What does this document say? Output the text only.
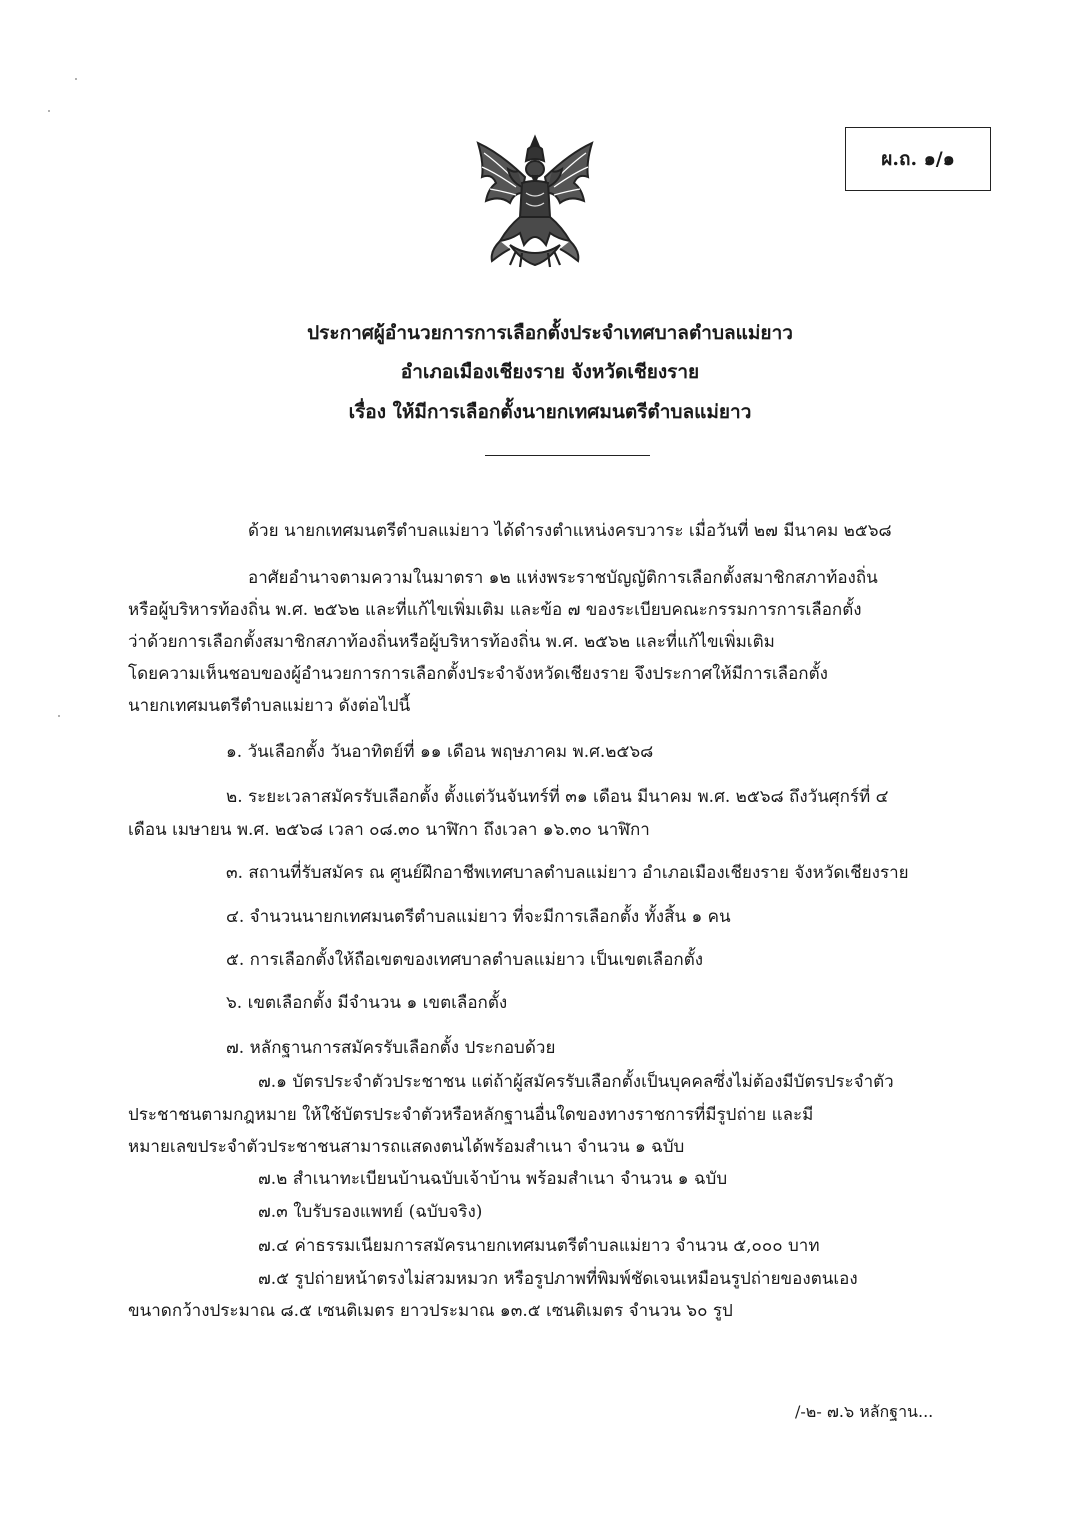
ผ.ถ. ๑/๑
ประกาศผู้อำนวยการการเลือกตั้งประจำเทศบาลตำบลแม่ยาว
อำเภอเมืองเชียงราย จังหวัดเชียงราย
เรื่อง ให้มีการเลือกตั้งนายกเทศมนตรีตำบลแม่ยาว
ด้วย นายกเทศมนตรีตำบลแม่ยาว ได้ดำรงตำแหน่งครบวาระ เมื่อวันที่ ๒๗ มีนาคม ๒๕๖๘
อาศัยอำนาจตามความในมาตรา ๑๒ แห่งพระราชบัญญัติการเลือกตั้งสมาชิกสภาท้องถิ่น
หรือผู้บริหารท้องถิ่น พ.ศ. ๒๕๖๒ และที่แก้ไขเพิ่มเติม และข้อ ๗ ของระเบียบคณะกรรมการการเลือกตั้ง
ว่าด้วยการเลือกตั้งสมาชิกสภาท้องถิ่นหรือผู้บริหารท้องถิ่น พ.ศ. ๒๕๖๒ และที่แก้ไขเพิ่มเติม
โดยความเห็นชอบของผู้อำนวยการการเลือกตั้งประจำจังหวัดเชียงราย จึงประกาศให้มีการเลือกตั้ง
นายกเทศมนตรีตำบลแม่ยาว ดังต่อไปนี้
๑. วันเลือกตั้ง วันอาทิตย์ที่ ๑๑ เดือน พฤษภาคม พ.ศ.๒๕๖๘
๒. ระยะเวลาสมัครรับเลือกตั้ง ตั้งแต่วันจันทร์ที่ ๓๑ เดือน มีนาคม พ.ศ. ๒๕๖๘ ถึงวันศุกร์ที่ ๔
เดือน เมษายน พ.ศ. ๒๕๖๘ เวลา ๐๘.๓๐ นาฬิกา ถึงเวลา ๑๖.๓๐ นาฬิกา
๓. สถานที่รับสมัคร ณ ศูนย์ฝึกอาชีพเทศบาลตำบลแม่ยาว อำเภอเมืองเชียงราย จังหวัดเชียงราย
๔. จำนวนนายกเทศมนตรีตำบลแม่ยาว ที่จะมีการเลือกตั้ง ทั้งสิ้น ๑ คน
๕. การเลือกตั้งให้ถือเขตของเทศบาลตำบลแม่ยาว เป็นเขตเลือกตั้ง
๖. เขตเลือกตั้ง มีจำนวน ๑ เขตเลือกตั้ง
๗. หลักฐานการสมัครรับเลือกตั้ง ประกอบด้วย
๗.๑ บัตรประจำตัวประชาชน แต่ถ้าผู้สมัครรับเลือกตั้งเป็นบุคคลซึ่งไม่ต้องมีบัตรประจำตัว
ประชาชนตามกฎหมาย ให้ใช้บัตรประจำตัวหรือหลักฐานอื่นใดของทางราชการที่มีรูปถ่าย และมี
หมายเลขประจำตัวประชาชนสามารถแสดงตนได้พร้อมสำเนา จำนวน ๑ ฉบับ
๗.๒ สำเนาทะเบียนบ้านฉบับเจ้าบ้าน พร้อมสำเนา จำนวน ๑ ฉบับ
๗.๓ ใบรับรองแพทย์ (ฉบับจริง)
๗.๔ ค่าธรรมเนียมการสมัครนายกเทศมนตรีตำบลแม่ยาว จำนวน ๕,๐๐๐ บาท
๗.๕ รูปถ่ายหน้าตรงไม่สวมหมวก หรือรูปภาพที่พิมพ์ชัดเจนเหมือนรูปถ่ายของตนเอง
ขนาดกว้างประมาณ ๘.๕ เซนติเมตร ยาวประมาณ ๑๓.๕ เซนติเมตร จำนวน ๖๐ รูป
/-๒- ๗.๖ หลักฐาน...
